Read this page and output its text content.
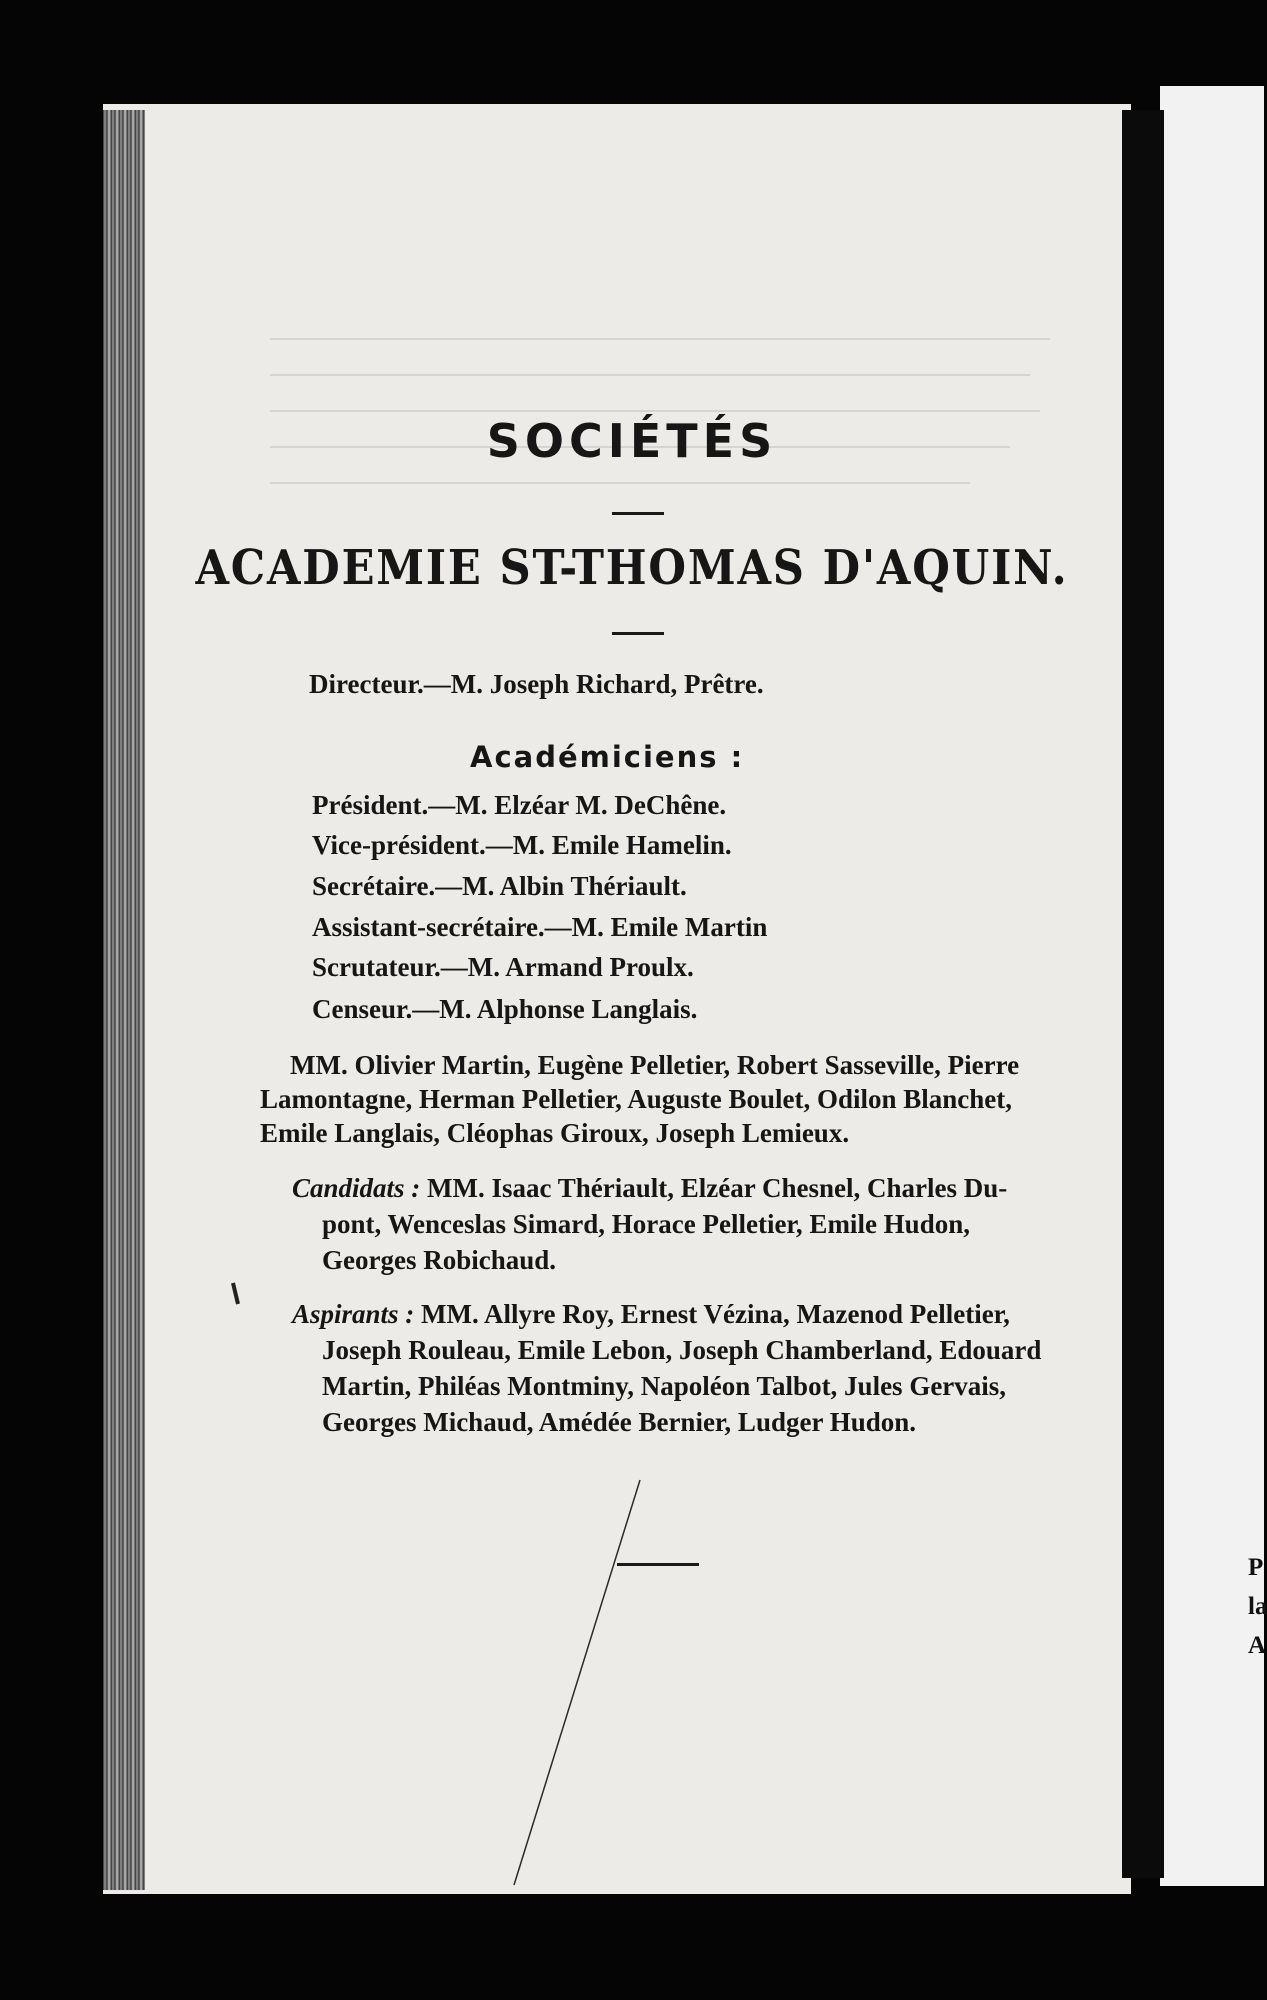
P
la
A
SOCIÉTÉS
ACADEMIE ST-THOMAS D'AQUIN.
Directeur.—M. Joseph Richard, Prêtre.
Académiciens :
Président.—M. Elzéar M. DeChêne.
Vice-président.—M. Emile Hamelin.
Secrétaire.—M. Albin Thériault.
Assistant-secrétaire.—M. Emile Martin
Scrutateur.—M. Armand Proulx.
Censeur.—M. Alphonse Langlais.
MM. Olivier Martin, Eugène Pelletier, Robert Sasseville, Pierre
Lamontagne, Herman Pelletier, Auguste Boulet, Odilon Blanchet,
Emile Langlais, Cléophas Giroux, Joseph Lemieux.
Candidats : MM. Isaac Thériault, Elzéar Chesnel, Charles Du-
pont, Wenceslas Simard, Horace Pelletier, Emile Hudon,
Georges Robichaud.
Aspirants : MM. Allyre Roy, Ernest Vézina, Mazenod Pelletier,
Joseph Rouleau, Emile Lebon, Joseph Chamberland, Edouard
Martin, Philéas Montminy, Napoléon Talbot, Jules Gervais,
Georges Michaud, Amédée Bernier, Ludger Hudon.
